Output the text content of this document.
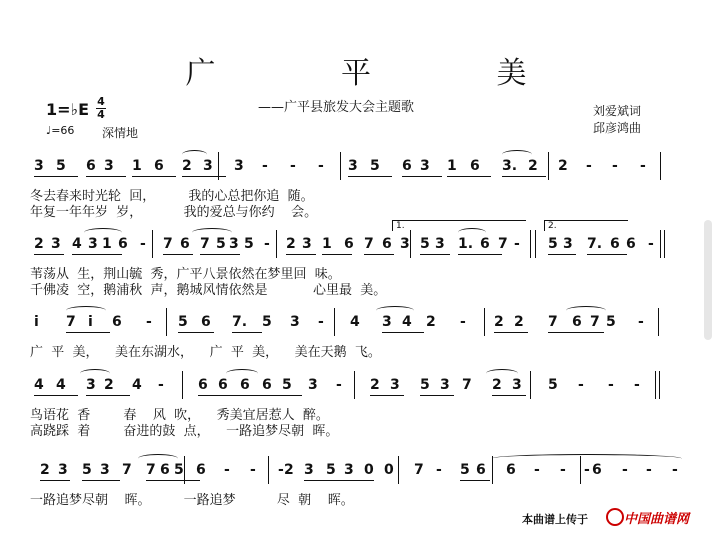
广 平 美
——广平县旅发大会主题歌
1=♭E 4
4
♩=66 深情地
刘爱斌词
邱彦鸿曲
3 5 6 3 1 6 2 3 3 - - - 3 5 6 3 1 6 3. 2 2 - - -
冬去春来时光轮  回，        我的心总把你追  随。
年复一年年岁  岁，          我的爱总与你约    会。
2 3 4 3 1 6 - 7 6 7 5 3 5 - 2 3 1 6 7 6 3 5 3 1. 6 7 - 5 3 7. 6 6 -
1.	2.
苇荡从  生，荆山毓  秀，广平八景依然在梦里回  味。
千佛凌  空，鹅浦秋  声，鹅城风情依然是           心里最  美。
i 7 i 6 - 5 6 7. 5 3 - 4 3 4 2 - 2 2 7 6 7 5 -
广  平  美，    美在东湖水，    广  平  美，    美在天鹅  飞。
4 4 3 2 4 - 6 6 6 6 5 3 - 2 3 5 3 7 2 3 5 - - -
鸟语花  香        春    风  吹，    秀美宜居惹人  醉。
高跷踩  着        奋进的鼓  点，    一路追梦尽朝  晖。
2 3 5 3 7 7 6 5 6 - - - 2 3 5 3 0 0 7 - 5 6 6 - - - 6 - - -
一路追梦尽朝    晖。        一路追梦          尽  朝    晖。
本曲谱上传于	中国曲谱网
